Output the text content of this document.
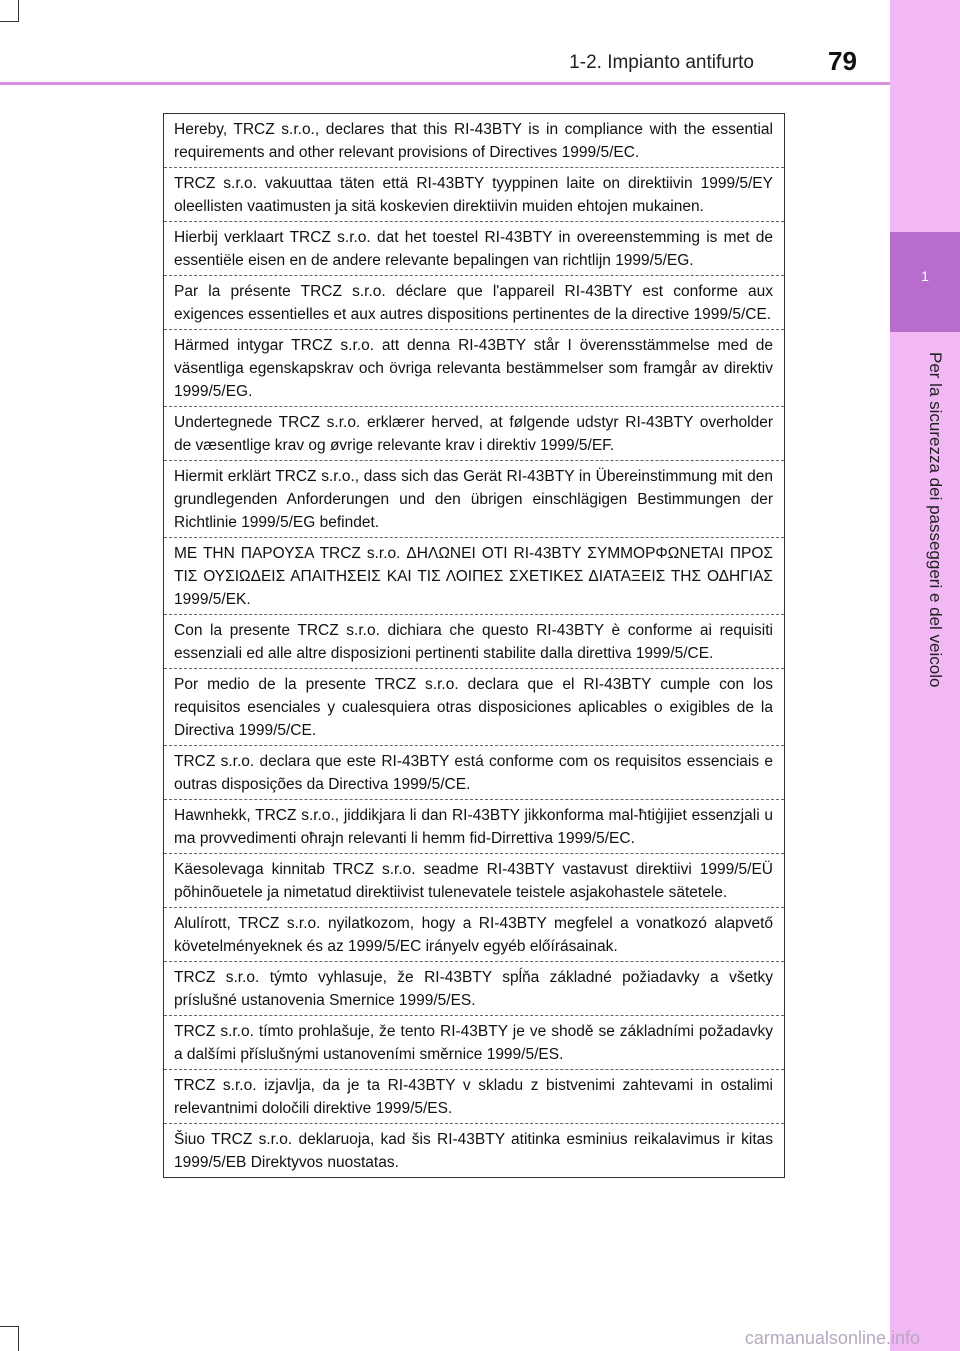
1
Per la sicurezza dei passeggeri e del veicolo
1-2. Impianto antifurto	79
Hereby, TRCZ s.r.o., declares that this RI-43BTY is in compliance with the essential requirements and other relevant provisions of Directives 1999/5/EC.
TRCZ s.r.o. vakuuttaa täten että RI-43BTY tyyppinen laite on direktiivin 1999/5/EY oleellisten vaatimusten ja sitä koskevien direktiivin muiden ehtojen mukainen.
Hierbij verklaart TRCZ s.r.o. dat het toestel RI-43BTY in overeenstemming is met de essentiële eisen en de andere relevante bepalingen van richtlijn 1999/5/EG.
Par la présente TRCZ s.r.o. déclare que l'appareil RI-43BTY est conforme aux exigences essentielles et aux autres dispositions pertinentes de la directive 1999/5/CE.
Härmed intygar TRCZ s.r.o. att denna RI-43BTY står I överensstämmelse med de väsentliga egenskapskrav och övriga relevanta bestämmelser som framgår av direktiv 1999/5/EG.
Undertegnede TRCZ s.r.o. erklærer herved, at følgende udstyr RI-43BTY overholder de væsentlige krav og øvrige relevante krav i direktiv 1999/5/EF.
Hiermit erklärt TRCZ s.r.o., dass sich das Gerät RI-43BTY in Übereinstimmung mit den grundlegenden Anforderungen und den übrigen einschlägigen Bestimmungen der Richtlinie 1999/5/EG befindet.
ΜΕ ΤΗΝ ΠΑΡΟΥΣΑ TRCZ s.r.o. ΔΗΛΩΝΕΙ ΟΤΙ RI-43BTY ΣΥΜΜΟΡΦΩΝΕΤΑΙ ΠΡΟΣ ΤΙΣ ΟΥΣΙΩΔΕΙΣ ΑΠΑΙΤΗΣΕΙΣ ΚΑΙ ΤΙΣ ΛΟΙΠΕΣ ΣΧΕΤΙΚΕΣ ΔΙΑΤΑΞΕΙΣ ΤΗΣ ΟΔΗΓΙΑΣ 1999/5/ΕΚ.
Con la presente TRCZ s.r.o. dichiara che questo RI-43BTY è conforme ai requisiti essenziali ed alle altre disposizioni pertinenti stabilite dalla direttiva 1999/5/CE.
Por medio de la presente TRCZ s.r.o. declara que el RI-43BTY cumple con los requisitos esenciales y cualesquiera otras disposiciones aplicables o exigibles de la Directiva 1999/5/CE.
TRCZ s.r.o. declara que este RI-43BTY está conforme com os requisitos essenciais e outras disposições da Directiva 1999/5/CE.
Hawnhekk, TRCZ s.r.o., jiddikjara li dan RI-43BTY jikkonforma mal-ħtiġijiet essenzjali u ma provvedimenti oħrajn relevanti li hemm fid-Dirrettiva 1999/5/EC.
Käesolevaga kinnitab TRCZ s.r.o. seadme RI-43BTY vastavust direktiivi 1999/5/EÜ põhinõuetele ja nimetatud direktiivist tulenevatele teistele asjakohastele sätetele.
Alulírott, TRCZ s.r.o. nyilatkozom, hogy a RI-43BTY megfelel a vonatkozó alapvető követelményeknek és az 1999/5/EC irányelv egyéb előírásainak.
TRCZ s.r.o. týmto vyhlasuje, že RI-43BTY spĺňa základné požiadavky a všetky príslušné ustanovenia Smernice 1999/5/ES.
TRCZ s.r.o. tímto prohlašuje, že tento RI-43BTY je ve shodě se základními požadavky a dalšími příslušnými ustanoveními směrnice 1999/5/ES.
TRCZ s.r.o. izjavlja, da je ta RI-43BTY v skladu z bistvenimi zahtevami in ostalimi relevantnimi določili direktive 1999/5/ES.
Šiuo TRCZ s.r.o. deklaruoja, kad šis RI-43BTY atitinka esminius reikalavimus ir kitas 1999/5/EB Direktyvos nuostatas.
carmanualsonline.info
